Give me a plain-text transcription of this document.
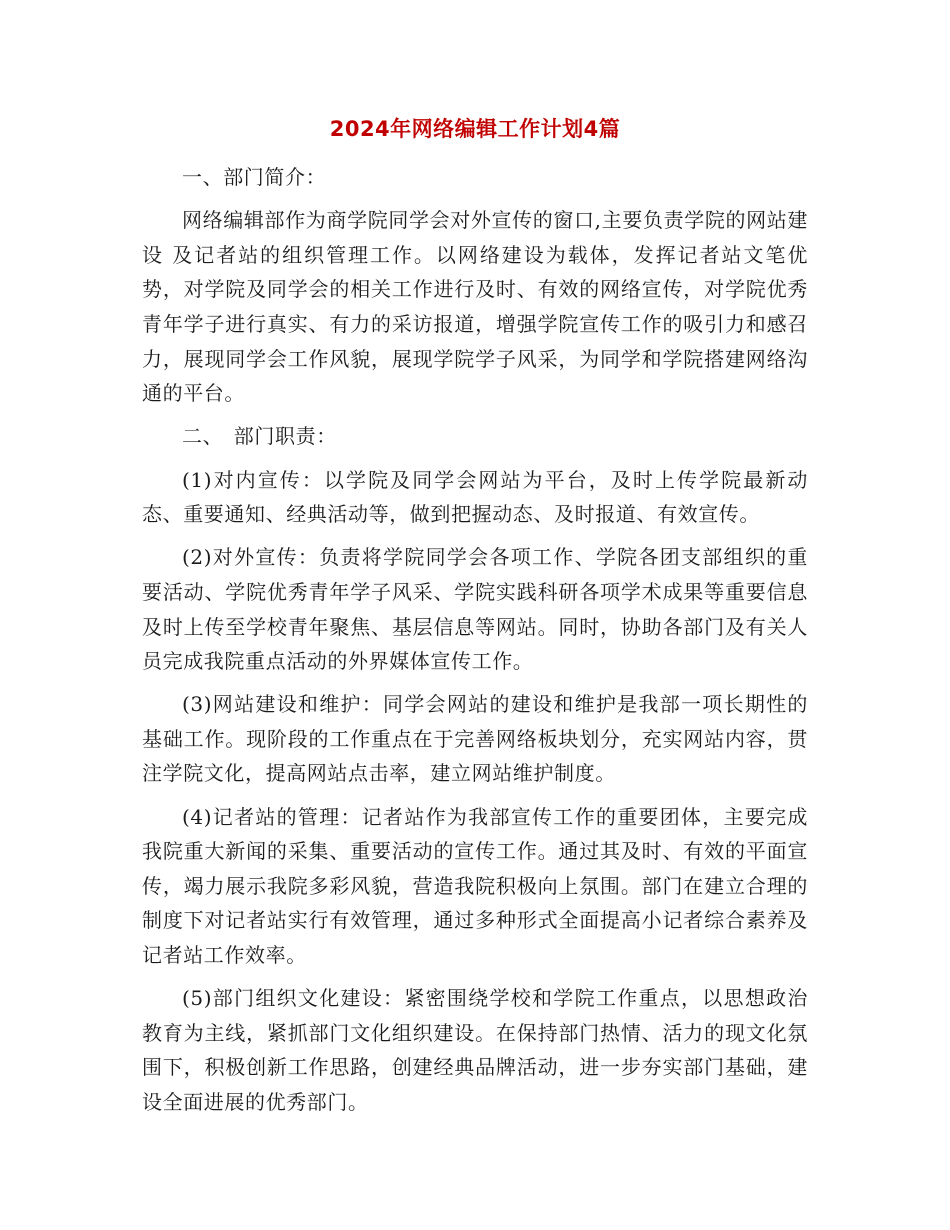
2024年网络编辑工作计划4篇

一、部门简介：

网络编辑部作为商学院同学会对外宣传的窗口,主要负责学院的网站建设 及记者站的组织管理工作。以网络建设为载体，发挥记者站文笔优势，对学院及同学会的相关工作进行及时、有效的网络宣传，对学院优秀青年学子进行真实、有力的采访报道，增强学院宣传工作的吸引力和感召力，展现同学会工作风貌，展现学院学子风采，为同学和学院搭建网络沟通的平台。

二、　部门职责：

(1)对内宣传：以学院及同学会网站为平台，及时上传学院最新动态、重要通知、经典活动等，做到把握动态、及时报道、有效宣传。

(2)对外宣传：负责将学院同学会各项工作、学院各团支部组织的重要活动、学院优秀青年学子风采、学院实践科研各项学术成果等重要信息及时上传至学校青年聚焦、基层信息等网站。同时，协助各部门及有关人员完成我院重点活动的外界媒体宣传工作。

(3)网站建设和维护：同学会网站的建设和维护是我部一项长期性的基础工作。现阶段的工作重点在于完善网络板块划分，充实网站内容，贯注学院文化，提高网站点击率，建立网站维护制度。

(4)记者站的管理：记者站作为我部宣传工作的重要团体，主要完成我院重大新闻的采集、重要活动的宣传工作。通过其及时、有效的平面宣传，竭力展示我院多彩风貌，营造我院积极向上氛围。部门在建立合理的制度下对记者站实行有效管理，通过多种形式全面提高小记者综合素养及记者站工作效率。

(5)部门组织文化建设：紧密围绕学校和学院工作重点，以思想政治教育为主线，紧抓部门文化组织建设。在保持部门热情、活力的现文化氛围下，积极创新工作思路，创建经典品牌活动，进一步夯实部门基础，建设全面进展的优秀部门。
